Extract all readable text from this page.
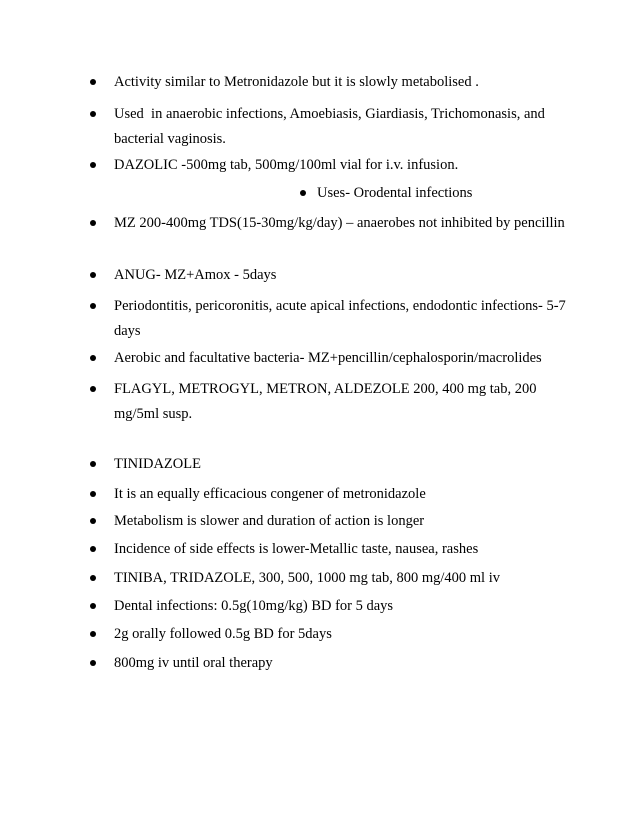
Activity similar to Metronidazole but it is slowly metabolised .
Used  in anaerobic infections, Amoebiasis, Giardiasis, Trichomonasis, and bacterial vaginosis.
DAZOLIC -500mg tab, 500mg/100ml vial for i.v. infusion.
Uses- Orodental infections
MZ 200-400mg TDS(15-30mg/kg/day) – anaerobes not inhibited by pencillin
ANUG- MZ+Amox - 5days
Periodontitis, pericoronitis, acute apical infections, endodontic infections- 5-7 days
Aerobic and facultative bacteria- MZ+pencillin/cephalosporin/macrolides
FLAGYL, METROGYL, METRON, ALDEZOLE 200, 400 mg tab, 200 mg/5ml susp.
TINIDAZOLE
It is an equally efficacious congener of metronidazole
Metabolism is slower and duration of action is longer
Incidence of side effects is lower-Metallic taste, nausea, rashes
TINIBA, TRIDAZOLE, 300, 500, 1000 mg tab, 800 mg/400 ml iv
Dental infections: 0.5g(10mg/kg) BD for 5 days
2g orally followed 0.5g BD for 5days
800mg iv until oral therapy
